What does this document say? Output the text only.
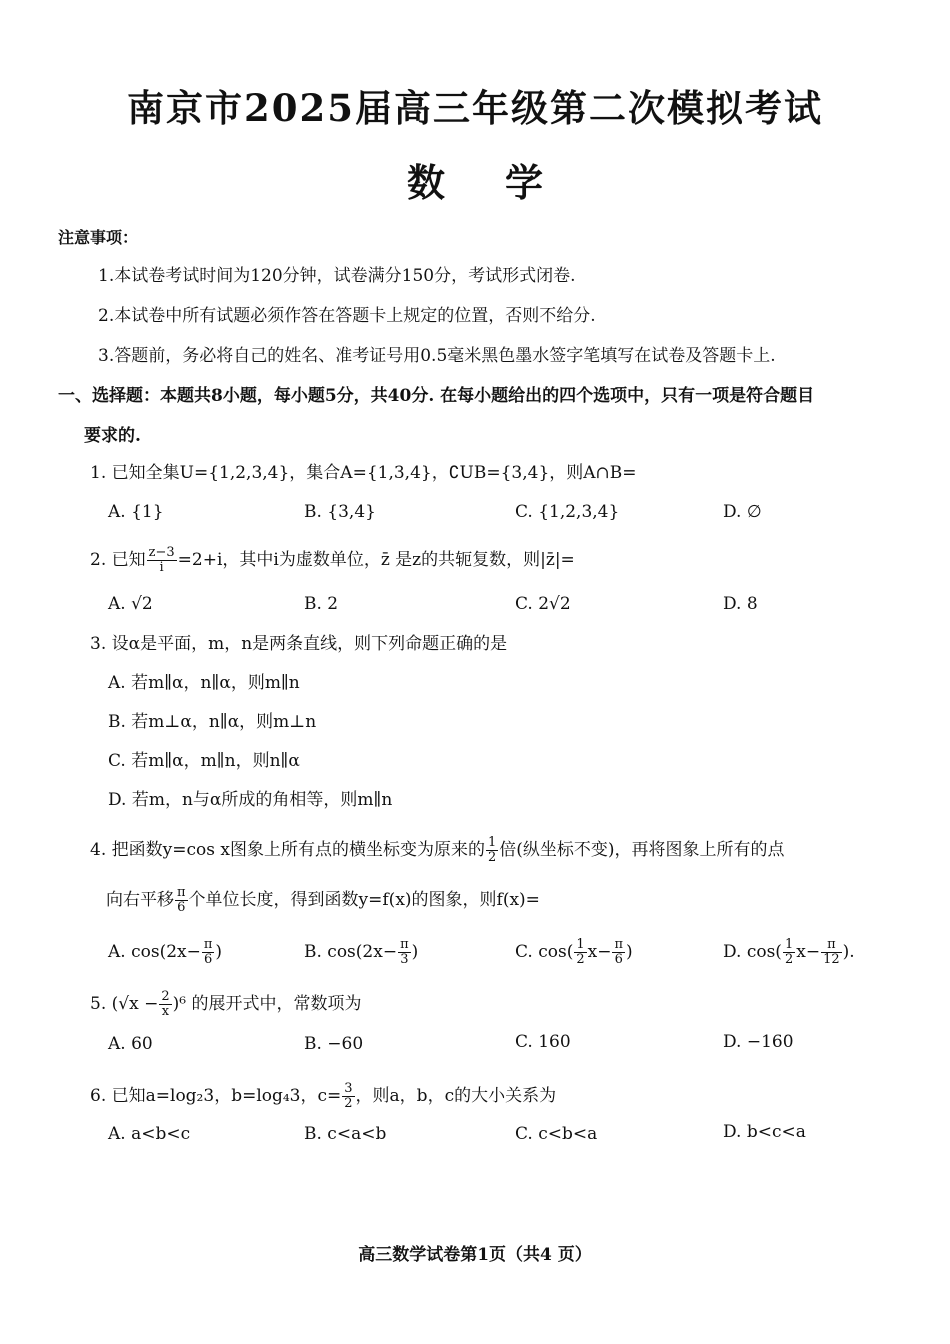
南京市2025届高三年级第二次模拟考试
数学
注意事项：
1.本试卷考试时间为120分钟，试卷满分150分，考试形式闭卷.
2.本试卷中所有试题必须作答在答题卡上规定的位置，否则不给分.
3.答题前，务必将自己的姓名、准考证号用0.5毫米黑色墨水签字笔填写在试卷及答题卡上.
一、选择题：本题共8小题，每小题5分，共40分. 在每小题给出的四个选项中，只有一项是符合题目
要求的.
1. 已知全集U={1,2,3,4}，集合A={1,3,4}，∁UB={3,4}，则A∩B=
A. {1}	B. {3,4}	C. {1,2,3,4}	D. ∅
2. 已知 $\frac{z-3}{i} =2+i$，其中i为虚数单位，z̄ 是z的共轭复数，则|z̄|=
A. √2	B. 2	C. 2√2	D. 8
3. 设α是平面，m，n是两条直线，则下列命题正确的是
A. 若m∥α，n∥α，则m∥n
B. 若m⊥α，n∥α，则m⊥n
C. 若m∥α，m∥n，则n∥α
D. 若m，n与α所成的角相等，则m∥n
4. 把函数y=cos x图象上所有点的横坐标变为原来的 $\frac{1}{2}$ 倍(纵坐标不变)，再将图象上所有的点
向右平移 $\frac{\pi}{6}$ 个单位长度，得到函数y=f(x)的图象，则f(x)=
A. $\cos(2x- \frac{\pi}{6}$ )	B. $\cos(2x- \frac{\pi}{3}$ )	C. $\cos( \frac{1}{2} x- \frac{\pi}{6}$ )	D. $\cos( \frac{1}{2} x- \frac{\pi}{12}$ ).
5. $(√x - \frac{2}{x} )^6$ 的展开式中，常数项为
A. 60	B. −60	C. 160	D. −160
6. 已知a=log₂3，b=log₄3，$c= \frac{3}{2}$ ，则a，b，c的大小关系为
A. a<b<c	B. c<a<b	C. c<b<a	D. b<c<a
高三数学试卷第1页（共4 页）
